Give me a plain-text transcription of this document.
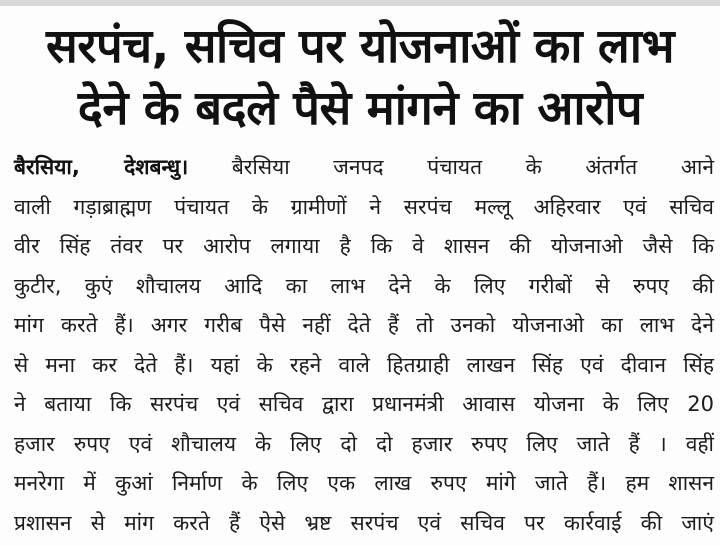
सरपंच, सचिव पर योजनाओं का लाभ
देने के बदले पैसे मांगने का आरोप
बैरसिया, देशबन्धु। बैरसिया जनपद पंचायत के अंतर्गत आने
वाली गड़ाब्राह्मण पंचायत के ग्रामीणों ने सरपंच मल्लू अहिरवार एवं सचिव
वीर सिंह तंवर पर आरोप लगाया है कि वे शासन की योजनाओ जैसे कि
कुटीर, कुएं शौचालय आदि का लाभ देने के लिए गरीबों से रुपए की
मांग करते हैं। अगर गरीब पैसे नहीं देते हैं तो उनको योजनाओ का लाभ देने
से मना कर देते हैं। यहां के रहने वाले हितग्राही लाखन सिंह एवं दीवान सिंह
ने बताया कि सरपंच एवं सचिव द्वारा प्रधानमंत्री आवास योजना के लिए 20
हजार रुपए एवं शौचालय के लिए दो दो हजार रुपए लिए जाते हैं । वहीं
मनरेगा में कुआं निर्माण के लिए एक लाख रुपए मांगे जाते हैं। हम शासन
प्रशासन से मांग करते हैं ऐसे भ्रष्ट सरपंच एवं सचिव पर कार्रवाई की जाएं
